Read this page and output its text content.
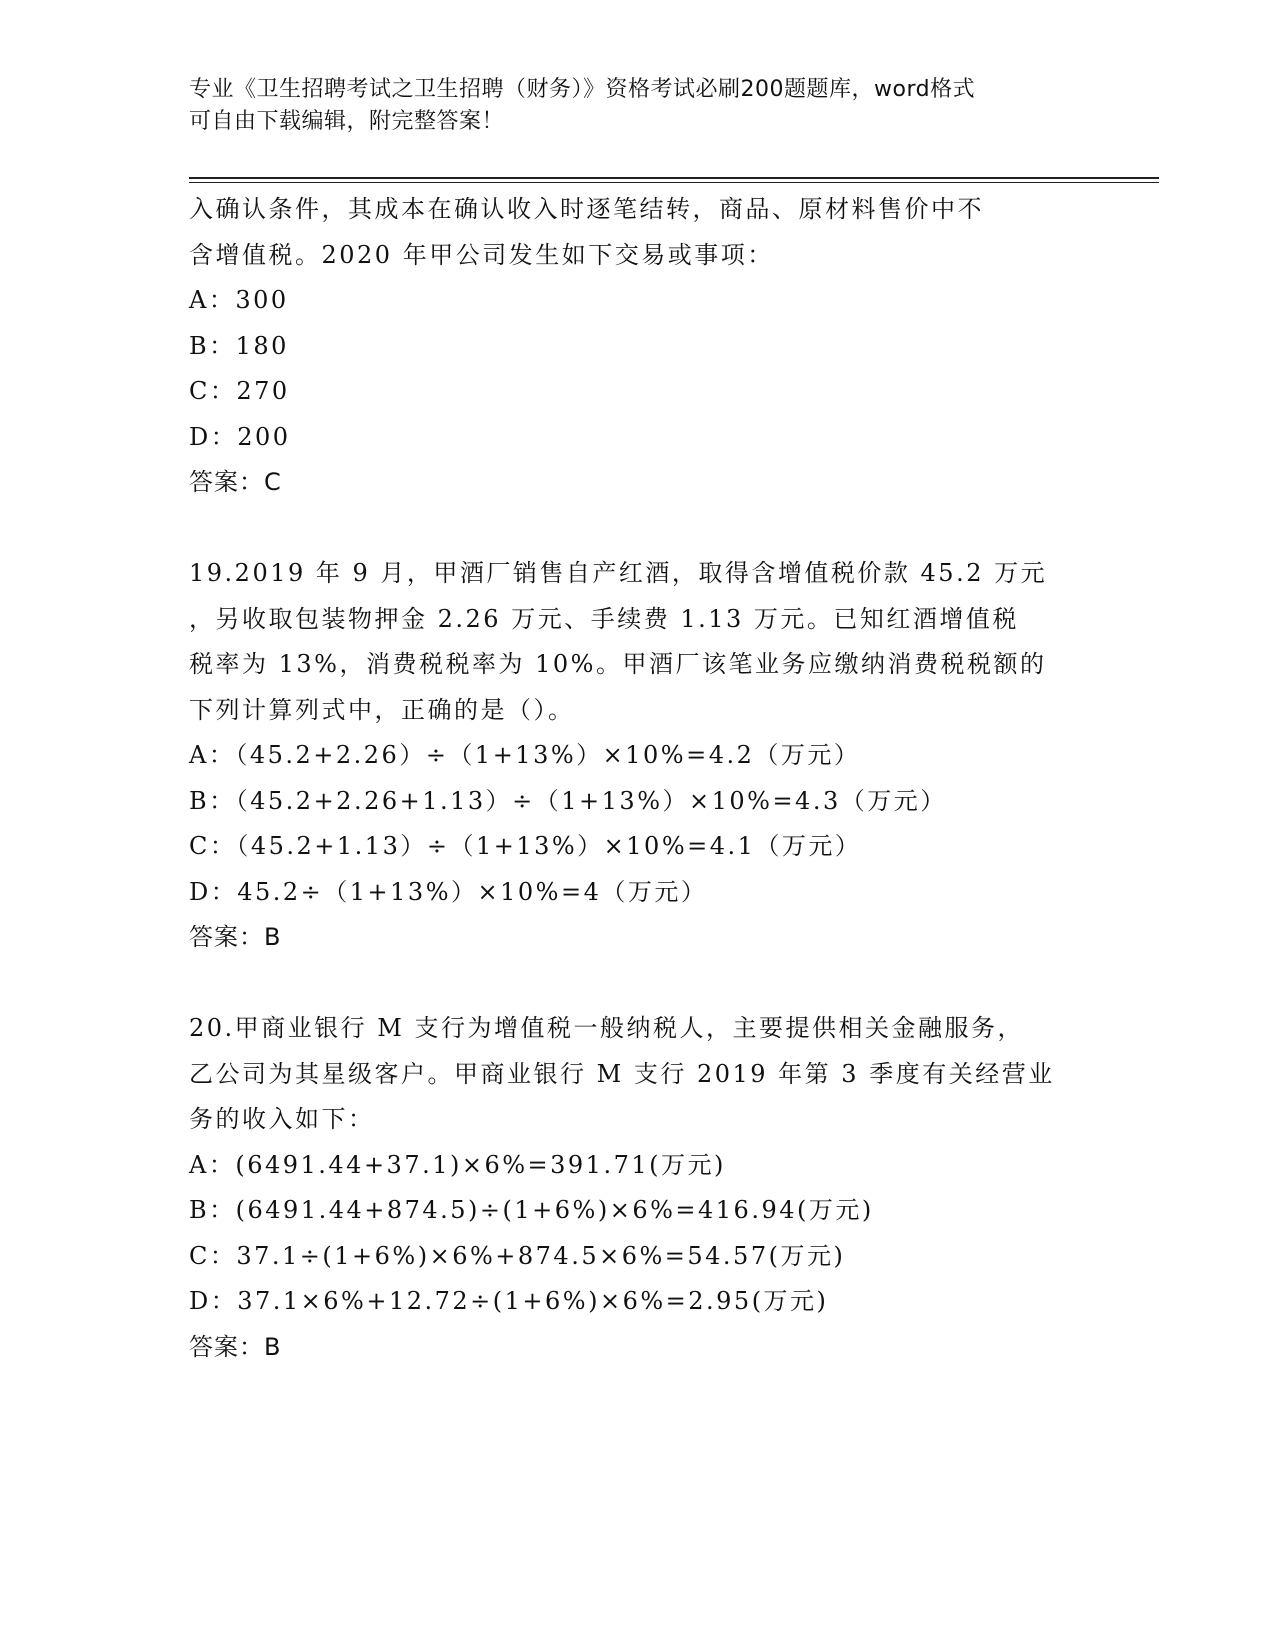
专业《卫生招聘考试之卫生招聘（财务）》资格考试必刷200题题库，word格式
可自由下载编辑，附完整答案！
入确认条件，其成本在确认收入时逐笔结转，商品、原材料售价中不
含增值税。2020 年甲公司发生如下交易或事项：
A：300
B：180
C：270
D：200
答案：C
19.2019 年 9 月，甲酒厂销售自产红酒，取得含增值税价款 45.2 万元
，另收取包装物押金 2.26 万元、手续费 1.13 万元。已知红酒增值税
税率为 13%，消费税税率为 10%。甲酒厂该笔业务应缴纳消费税税额的
下列计算列式中，正确的是（）。
A：（45.2+2.26）÷（1+13%）×10%=4.2（万元）
B：（45.2+2.26+1.13）÷（1+13%）×10%=4.3（万元）
C：（45.2+1.13）÷（1+13%）×10%=4.1（万元）
D：45.2÷（1+13%）×10%=4（万元）
答案：B
20.甲商业银行 M 支行为增值税一般纳税人，主要提供相关金融服务，
乙公司为其星级客户。甲商业银行 M 支行 2019 年第 3 季度有关经营业
务的收入如下：
A：(6491.44+37.1)×6%=391.71(万元)
B：(6491.44+874.5)÷(1+6%)×6%=416.94(万元)
C：37.1÷(1+6%)×6%+874.5×6%=54.57(万元)
D：37.1×6%+12.72÷(1+6%)×6%=2.95(万元)
答案：B
